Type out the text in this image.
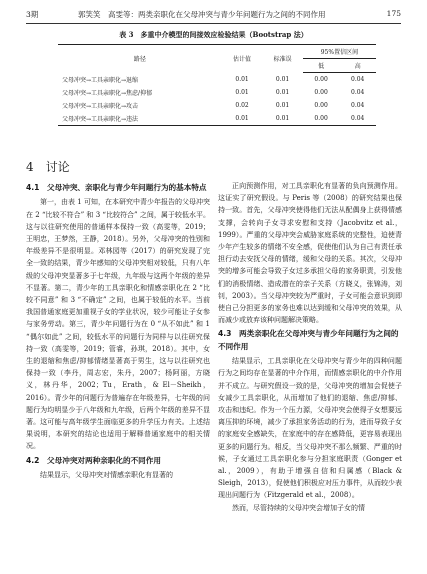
3期	郭笑笑　高雯等：两类亲职化在父母冲突与青少年问题行为之间的不同作用	175
表 3　多重中介模型的间接效应检验结果（Bootstrap 法）
路径	估计值	标准误	95%置信区间	
			低	高
父母冲突→工具亲职化→退缩	0.01	0.01	0.00	0.04
父母冲突→工具亲职化→焦虑/抑郁	0.01	0.01	0.00	0.04
父母冲突→工具亲职化→攻击	0.02	0.01	0.00	0.04
父母冲突→工具亲职化→违法	0.01	0.01	0.00	0.04
4　讨论
4.1　父母冲突、亲职化与青少年问题行为的基本特点

第一，由表 1 可知，在本研究中青少年报告的父母冲突在 2 “比较不符合” 和 3 “比较符合” 之间，属于较低水平。这与以往研究使用的普通样本保持一致（高雯等，2019；王明忠，王梦然，王静，2018）。另外，父母冲突的性别和年级差异不是很明显。邓林园等（2017）的研究发现了完全一致的结果，青少年感知的父母冲突相对较低，只有八年级的父母冲突显著多于七年级，九年级与这两个年级的差异不显著。第二，青少年的工具亲职化和情感亲职化在 2 “比较不同意” 和 3 “不确定” 之间，也属于较低的水平。当前我国普通家庭更加重视子女的学业状况，较少可能让子女参与家务劳动。第三，青少年问题行为在 0 “从不如此” 和 1 “偶尔如此” 之间，较低水平的问题行为同样与以往研究保持一致（高雯等，2019；管睿，孙琪，2018）。其中，女生的退缩和焦虑/抑郁情绪显著高于男生，这与以往研究也保持一致（李丹，周志宏，朱丹，2007；杨阿丽，方晓义，林丹华，2002；Tu，Erath，& El－Sheikh，2016）。青少年的问题行为普遍存在年级差异，七年级的问题行为均明显少于八年级和九年级，后两个年级的差异不显著。这可能与高年级学生面临更多的升学压力有关。上述结果说明，本研究的结论也适用于解释普通家庭中的相关情况。

4.2　父母冲突对两种亲职化的不同作用

结果显示，父母冲突对情感亲职化有显著的

正向预测作用，对工具亲职化有显著的负向预测作用。这证实了研究假设。与 Peris 等（2008）的研究结果也保持一致。首先，父母冲突使得他们无法从配偶身上获得情感支撑，会转向子女寻求安慰和支持（Jacobvitz et al.，1999）。严重的父母冲突会威胁家庭系统的完整性，迫使青少年产生较多的情绪不安全感，促使他们认为自己有责任承担行动去安抚父母的情绪，缓和父母的关系。其次，父母冲突的增多可能会导致子女过多承担父母的家务职责，引发他们的消极情绪、造成潜在的亲子关系（方晓义，张锦涛，刘钊，2003）。当父母冲突较为严重时，子女可能会意识到即使自己分担更多的家务也难以达到缓和父母冲突的效果，从而减少或放弃该种问题解决策略。

4.3　两类亲职化在父母冲突与青少年问题行为之间的不同作用

结果显示，工具亲职化在父母冲突与青少年的四种问题行为之间均存在显著的中介作用，而情感亲职化的中介作用并不成立。与研究假设一致的是，父母冲突的增加会促使子女减少工具亲职化，从而增加了他们的退缩、焦虑/抑郁、攻击和违纪。作为一个压力源，父母冲突会使得子女想要远离压抑的环境，减少了承担家务活动的行为，进而导致子女的家庭安全感缺失，在家庭中的存在感降低，更容易表现出更多的问题行为。相反，当父母冲突不那么频繁、严重的时候，子女通过工具亲职化参与分担家庭职责（Gonger et al.，2009），有助于增强自信和归属感（Black & Sleigh，2013），促使他们积极应对压力事件，从而较少表现出问题行为（Fitzgerald et al.，2008）。

然而，尽管持续的父母冲突会增加子女的情
